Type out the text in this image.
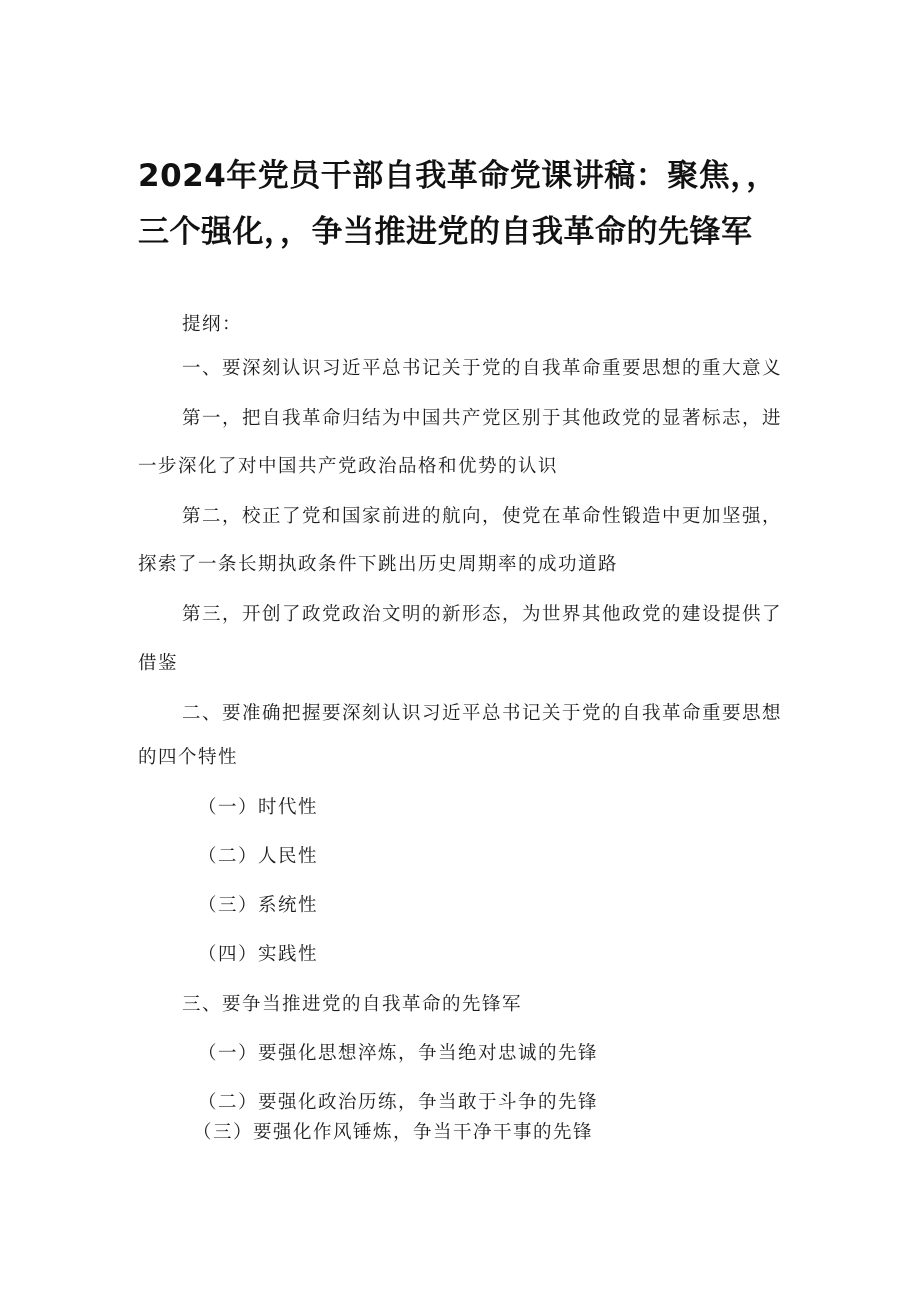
2024年党员干部自我革命党课讲稿：聚焦，，三个强化，，争当推进党的自我革命的先锋军
提纲：
一、要深刻认识习近平总书记关于党的自我革命重要思想的重大意义
第一，把自我革命归结为中国共产党区别于其他政党的显著标志，进
一步深化了对中国共产党政治品格和优势的认识
第二，校正了党和国家前进的航向，使党在革命性锻造中更加坚强，
探索了一条长期执政条件下跳出历史周期率的成功道路
第三，开创了政党政治文明的新形态，为世界其他政党的建设提供了
借鉴
二、要准确把握要深刻认识习近平总书记关于党的自我革命重要思想
的四个特性
（一）时代性
（二）人民性
（三）系统性
（四）实践性
三、要争当推进党的自我革命的先锋军
（一）要强化思想淬炼，争当绝对忠诚的先锋
（二）要强化政治历练，争当敢于斗争的先锋
（三）要强化作风锤炼，争当干净干事的先锋
